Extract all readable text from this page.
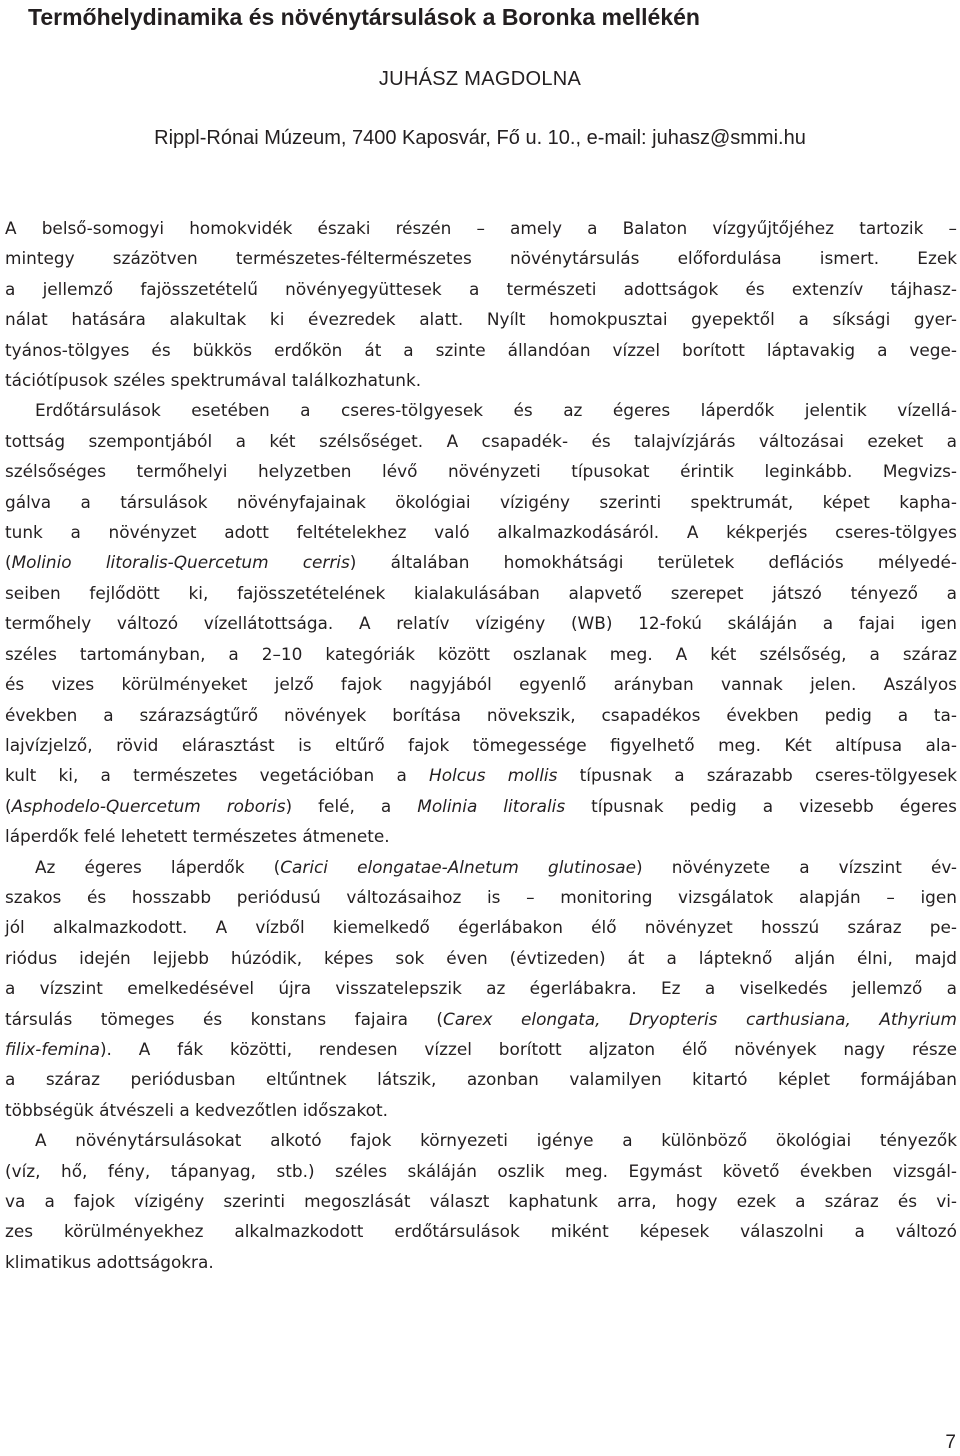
Termőhelydinamika és növénytársulások a Boronka mellékén
JUHÁSZ MAGDOLNA
Rippl-Rónai Múzeum, 7400 Kaposvár, Fő u. 10., e-mail: juhasz@smmi.hu

A belső-somogyi homokvidék északi részén – amely a Balaton vízgyűjtőjéhez tartozik –
mintegy százötven természetes-féltermészetes növénytársulás előfordulása ismert. Ezek
a jellemző fajösszetételű növényegyüttesek a természeti adottságok és extenzív tájhasz-
nálat hatására alakultak ki évezredek alatt. Nyílt homokpusztai gyepektől a síksági gyer-
tyános-tölgyes és bükkös erdőkön át a szinte állandóan vízzel borított láptavakig a vege-
tációtípusok széles spektrumával találkozhatunk.

Erdőtársulások esetében a cseres-tölgyesek és az égeres láperdők jelentik vízellá-
tottság szempontjából a két szélsőséget. A csapadék- és talajvízjárás változásai ezeket a
szélsőséges termőhelyi helyzetben lévő növényzeti típusokat érintik leginkább. Megvizs-
gálva a társulások növényfajainak ökológiai vízigény szerinti spektrumát, képet kapha-
tunk a növényzet adott feltételekhez való alkalmazkodásáról. A kékperjés cseres-tölgyes
(Molinio litoralis-Quercetum cerris) általában homokhátsági területek deflációs mélyedé-
seiben fejlődött ki, fajösszetételének kialakulásában alapvető szerepet játszó tényező a
termőhely változó vízellátottsága. A relatív vízigény (WB) 12-fokú skáláján a fajai igen
széles tartományban, a 2–10 kategóriák között oszlanak meg. A két szélsőség, a száraz
és vizes körülményeket jelző fajok nagyjából egyenlő arányban vannak jelen. Aszályos
években a szárazságtűrő növények borítása növekszik, csapadékos években pedig a ta-
lajvízjelző, rövid elárasztást is eltűrő fajok tömegessége figyelhető meg. Két altípusa ala-
kult ki, a természetes vegetációban a Holcus mollis típusnak a szárazabb cseres-tölgyesek
(Asphodelo-Quercetum roboris) felé, a Molinia litoralis típusnak pedig a vizesebb égeres
láperdők felé lehetett természetes átmenete.

Az égeres láperdők (Carici elongatae-Alnetum glutinosae) növényzete a vízszint év-
szakos és hosszabb periódusú változásaihoz is – monitoring vizsgálatok alapján – igen
jól alkalmazkodott. A vízből kiemelkedő égerlábakon élő növényzet hosszú száraz pe-
riódus idején lejjebb húzódik, képes sok éven (évtizeden) át a lápteknő alján élni, majd
a vízszint emelkedésével újra visszatelepszik az égerlábakra. Ez a viselkedés jellemző a
társulás tömeges és konstans fajaira (Carex elongata, Dryopteris carthusiana, Athyrium
filix-femina). A fák közötti, rendesen vízzel borított aljzaton élő növények nagy része
a száraz periódusban eltűntnek látszik, azonban valamilyen kitartó képlet formájában
többségük átvészeli a kedvezőtlen időszakot.

A növénytársulásokat alkotó fajok környezeti igénye a különböző ökológiai tényezők
(víz, hő, fény, tápanyag, stb.) széles skáláján oszlik meg. Egymást követő években vizsgál-
va a fajok vízigény szerinti megoszlását választ kaphatunk arra, hogy ezek a száraz és vi-
zes körülményekhez alkalmazkodott erdőtársulások miként képesek válaszolni a változó
klimatikus adottságokra.

7
